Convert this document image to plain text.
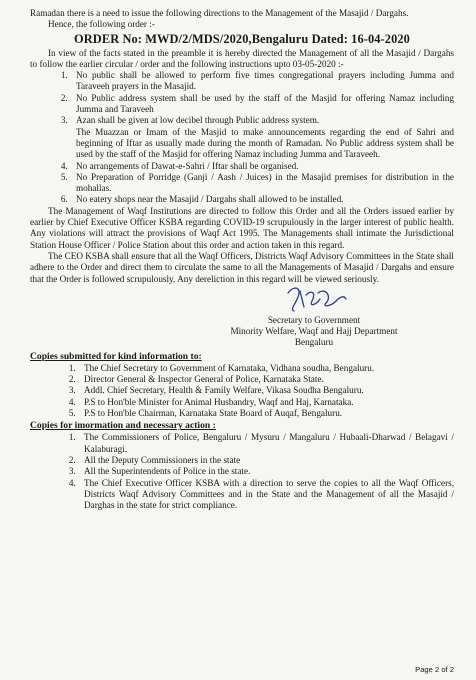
Ramadan there is a need to issue the following directions to the Management of the Masajid / Dargahs.

Hence, the following order :-

ORDER No: MWD/2/MDS/2020,Bengaluru Dated: 16-04-2020

In view of the facts stated in the preamble it is hereby directed the Management of all the Masajid / Dargahs to follow the earlier circular / order and the following instructions upto 03-05-2020 :-

1. No public shall be allowed to perform five times congregational prayers including Jumma and Taraveeh prayers in the Masajid.
2. No Public address system shall be used by the staff of the Masjid for offering Namaz including Jumma and Taraveeh
3. Azan shall be given at low decibel through Public address system.
The Muazzan or Imam of the Masjid to make announcements regarding the end of Sahri and beginning of Iftar as usually made during the month of Ramadan. No Public address system shall be used by the staff of the Masjid for offering Namaz including Jumma and Taraveeh.
4. No arrangements of Dawat-e-Sahri / Iftar shall be organised.
5. No Preparation of Porridge (Ganji / Aash / Juices) in the Masajid premises for distribution in the mohallas.
6. No eatery shops near the Masajid / Dargahs shall allowed to be installed.

The Management of Waqf Institutions are directed to follow this Order and all the Orders issued earlier by earlier by Chief Executive Officer KSBA regarding COVID-19 scrupulously in the larger interest of public health. Any violations will attract the provisions of Waqf Act 1995. The Managements shall intimate the Jurisdictional Station House Officer / Police Station about this order and action taken in this regard.

The CEO KSBA shall ensure that all the Waqf Officers, Districts Waqf Advisory Committees in the State shall adhere to the Order and direct them to circulate the same to all the Managements of Masajid / Dargahs and ensure that the Order is followed scrupulously. Any dereliction in this regard will be viewed seriously.

Secretary to Government
Minority Welfare, Waqf and Hajj Department
Bengaluru
Copies submitted for kind information to:
1. The Chief Secretary to Government of Karnataka, Vidhana soudha, Bengaluru.
2. Director General & Inspector General of Police, Karnataka State.
3. Addl. Chief Secretary, Health & Family Welfare, Vikasa Soudha Bengaluru.
4. P.S to Hon'ble Minister for Animal Husbandry, Waqf and Haj, Karnataka.
5. P.S to Hon'ble Chairman, Karnataka State Board of Auqaf, Bengaluru.
Copies for imormation and necessary action :
1. The Commissioners of Police, Bengaluru / Mysuru / Mangaluru / Hubaali-Dharwad / Belagavi / Kalaburagi.
2. All the Deputy Commissioners in the state
3. All the Superintendents of Police in the state.
4. The Chief Executive Officer KSBA with a direction to serve the copies to all the Waqf Officers, Districts Waqf Advisory Committees and in the State and the Management of all the Masajid / Darghas in the state for strict compliance.
Page 2 of 2
